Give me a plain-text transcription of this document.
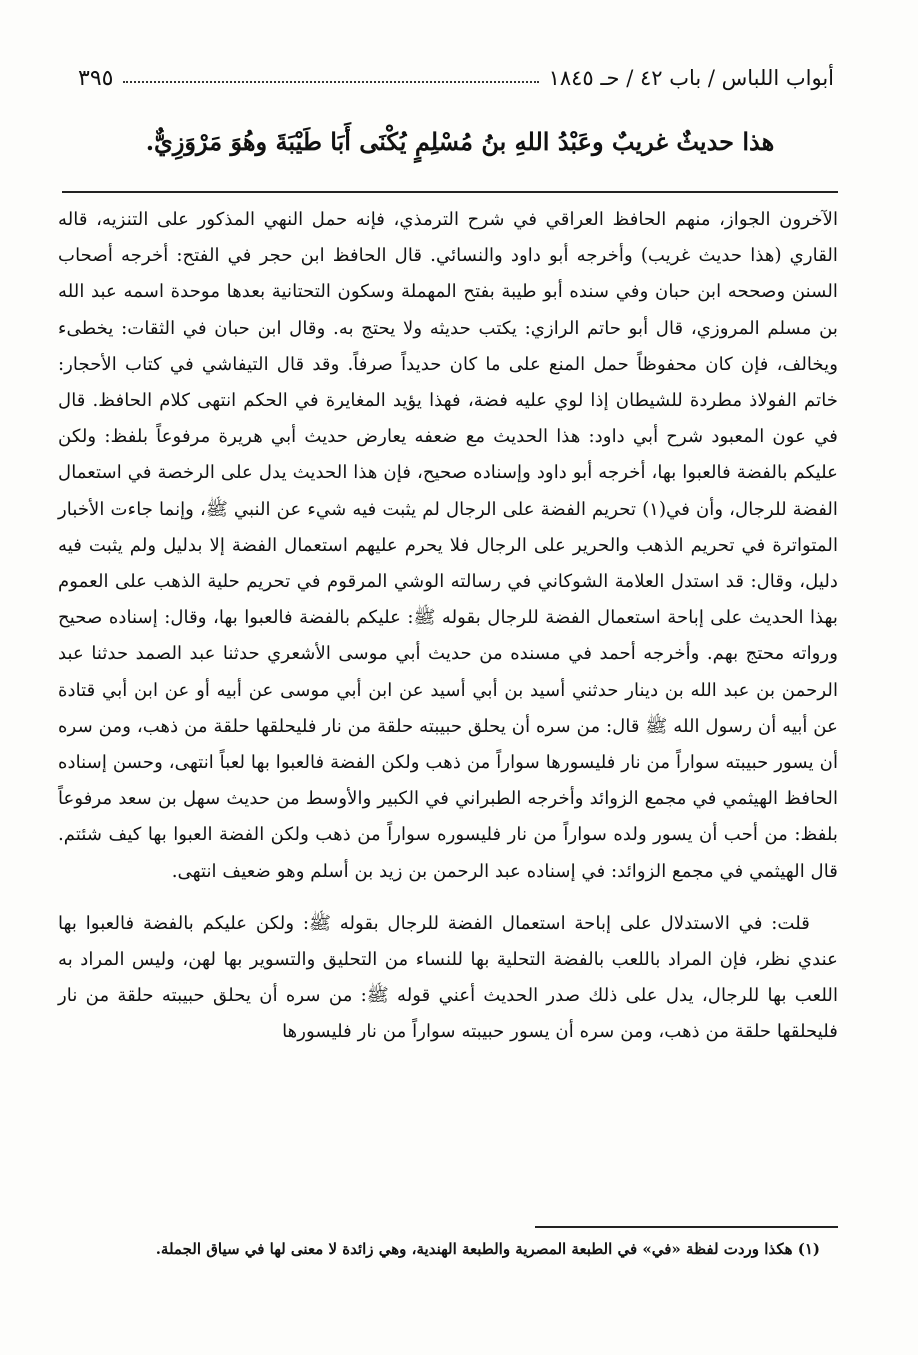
أبواب اللباس / باب ٤٢ / حـ ١٨٤٥
٣٩٥
هذا حديثٌ غريبٌ وعَبْدُ اللهِ بنُ مُسْلِمٍ يُكْنَى أَبَا طَيْبَةَ وهُوَ مَرْوَزِيٌّ.

الآخرون الجواز، منهم الحافظ العراقي في شرح الترمذي، فإنه حمل النهي المذكور على التنزيه، قاله القاري (هذا حديث غريب) وأخرجه أبو داود والنسائي. قال الحافظ ابن حجر في الفتح: أخرجه أصحاب السنن وصححه ابن حبان وفي سنده أبو طيبة بفتح المهملة وسكون التحتانية بعدها موحدة اسمه عبد الله بن مسلم المروزي، قال أبو حاتم الرازي: يكتب حديثه ولا يحتج به. وقال ابن حبان في الثقات: يخطىء ويخالف، فإن كان محفوظاً حمل المنع على ما كان حديداً صرفاً. وقد قال التيفاشي في كتاب الأحجار: خاتم الفولاذ مطردة للشيطان إذا لوي عليه فضة، فهذا يؤيد المغايرة في الحكم انتهى كلام الحافظ. قال في عون المعبود شرح أبي داود: هذا الحديث مع ضعفه يعارض حديث أبي هريرة مرفوعاً بلفظ: ولكن عليكم بالفضة فالعبوا بها، أخرجه أبو داود وإسناده صحيح، فإن هذا الحديث يدل على الرخصة في استعمال الفضة للرجال، وأن في(١) تحريم الفضة على الرجال لم يثبت فيه شيء عن النبي ﷺ، وإنما جاءت الأخبار المتواترة في تحريم الذهب والحرير على الرجال فلا يحرم عليهم استعمال الفضة إلا بدليل ولم يثبت فيه دليل، وقال: قد استدل العلامة الشوكاني في رسالته الوشي المرقوم في تحريم حلية الذهب على العموم بهذا الحديث على إباحة استعمال الفضة للرجال بقوله ﷺ: عليكم بالفضة فالعبوا بها، وقال: إسناده صحيح ورواته محتج بهم. وأخرجه أحمد في مسنده من حديث أبي موسى الأشعري حدثنا عبد الصمد حدثنا عبد الرحمن بن عبد الله بن دينار حدثني أسيد بن أبي أسيد عن ابن أبي موسى عن أبيه أو عن ابن أبي قتادة عن أبيه أن رسول الله ﷺ قال: من سره أن يحلق حبيبته حلقة من نار فليحلقها حلقة من ذهب، ومن سره أن يسور حبيبته سواراً من نار فليسورها سواراً من ذهب ولكن الفضة فالعبوا بها لعباً انتهى، وحسن إسناده الحافظ الهيثمي في مجمع الزوائد وأخرجه الطبراني في الكبير والأوسط من حديث سهل بن سعد مرفوعاً بلفظ: من أحب أن يسور ولده سواراً من نار فليسوره سواراً من ذهب ولكن الفضة العبوا بها كيف شئتم. قال الهيثمي في مجمع الزوائد: في إسناده عبد الرحمن بن زيد بن أسلم وهو ضعيف انتهى.

قلت: في الاستدلال على إباحة استعمال الفضة للرجال بقوله ﷺ: ولكن عليكم بالفضة فالعبوا بها عندي نظر، فإن المراد باللعب بالفضة التحلية بها للنساء من التحليق والتسوير بها لهن، وليس المراد به اللعب بها للرجال، يدل على ذلك صدر الحديث أعني قوله ﷺ: من سره أن يحلق حبيبته حلقة من نار فليحلقها حلقة من ذهب، ومن سره أن يسور حبيبته سواراً من نار فليسورها

(١) هكذا وردت لفظة «في» في الطبعة المصرية والطبعة الهندية، وهي زائدة لا معنى لها في سياق الجملة.
